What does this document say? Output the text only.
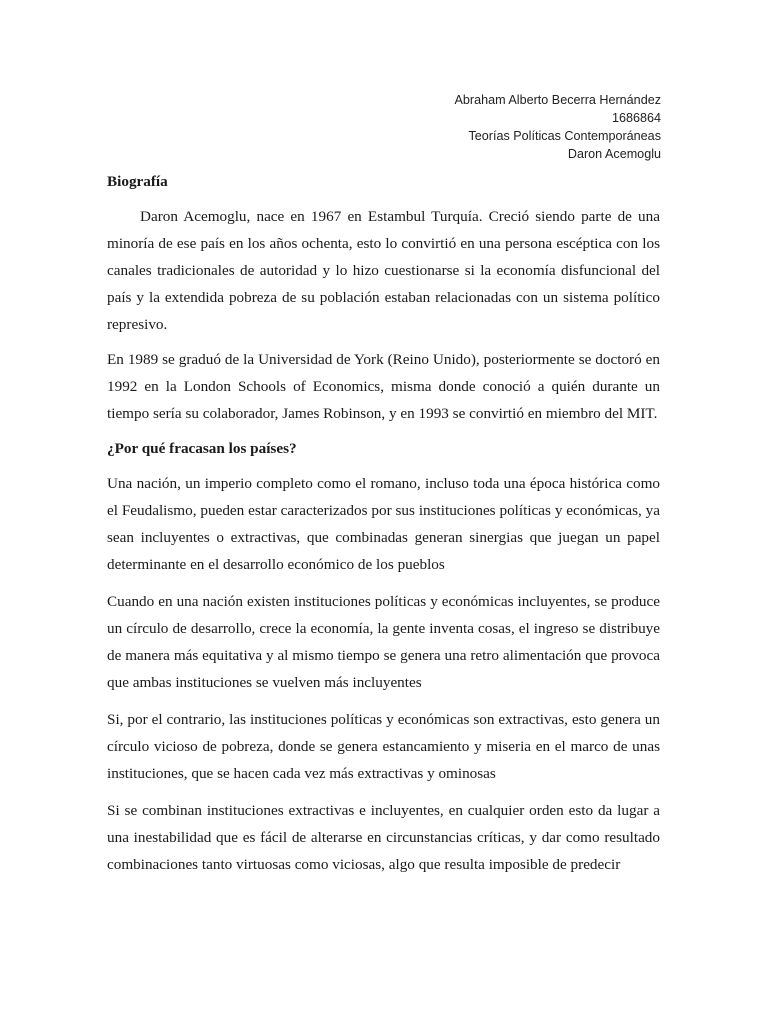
Abraham Alberto Becerra Hernández
1686864
Teorías Políticas Contemporáneas
Daron Acemoglu
Biografía

Daron Acemoglu, nace en 1967 en Estambul Turquía. Creció siendo parte de una minoría de ese país en los años ochenta, esto lo convirtió en una persona escéptica con los canales tradicionales de autoridad y lo hizo cuestionarse si la economía disfuncional del país y la extendida pobreza de su población estaban relacionadas con un sistema político represivo.

En 1989 se graduó de la Universidad de York (Reino Unido), posteriormente se doctoró en 1992 en la London Schools of Economics, misma donde conoció a quién durante un tiempo sería su colaborador, James Robinson, y en 1993 se convirtió en miembro del MIT.

¿Por qué fracasan los países?

Una nación, un imperio completo como el romano, incluso toda una época histórica como el Feudalismo, pueden estar caracterizados por sus instituciones políticas y económicas, ya sean incluyentes o extractivas, que combinadas generan sinergias que juegan un papel determinante en el desarrollo económico de los pueblos

Cuando en una nación existen instituciones políticas y económicas incluyentes, se produce un círculo de desarrollo, crece la economía, la gente inventa cosas, el ingreso se distribuye de manera más equitativa y al mismo tiempo se genera una retro alimentación que provoca que ambas instituciones se vuelven más incluyentes

Si, por el contrario, las instituciones políticas y económicas son extractivas, esto genera un círculo vicioso de pobreza, donde se genera estancamiento y miseria en el marco de unas instituciones, que se hacen cada vez más extractivas y ominosas

Si se combinan instituciones extractivas e incluyentes, en cualquier orden esto da lugar a una inestabilidad que es fácil de alterarse en circunstancias críticas, y dar como resultado combinaciones tanto virtuosas como viciosas, algo que resulta imposible de predecir
